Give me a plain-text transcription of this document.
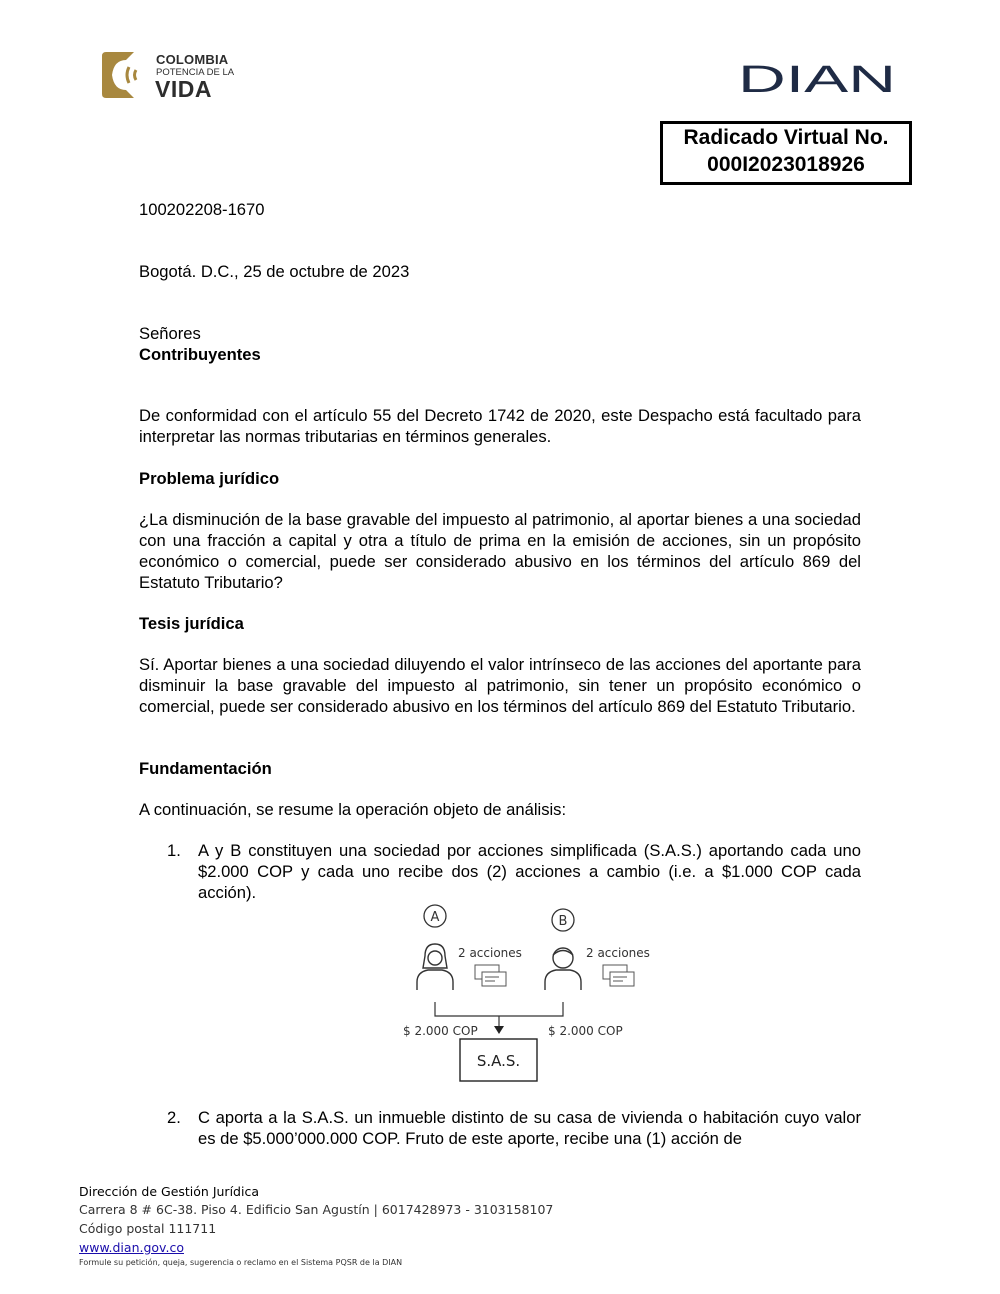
COLOMBIA
POTENCIA DE LA
VIDA	DIAN
Radicado Virtual No.
000I2023018926
100202208-1670
Bogotá. D.C., 25 de octubre de 2023
Señores
Contribuyentes
De conformidad con el artículo 55 del Decreto 1742 de 2020, este Despacho está facultado para interpretar las normas tributarias en términos generales.
Problema jurídico
¿La disminución de la base gravable del impuesto al patrimonio, al aportar bienes a una sociedad con una fracción a capital y otra a título de prima en la emisión de acciones, sin un propósito económico o comercial, puede ser considerado abusivo en los términos del artículo 869 del Estatuto Tributario?
Tesis jurídica
Sí. Aportar bienes a una sociedad diluyendo el valor intrínseco de las acciones del aportante para disminuir la base gravable del impuesto al patrimonio, sin tener un propósito económico o comercial, puede ser considerado abusivo en los términos del artículo 869 del Estatuto Tributario.
Fundamentación
A continuación, se resume la operación objeto de análisis:
1. A y B constituyen una sociedad por acciones simplificada (S.A.S.) aportando cada uno $2.000 COP y cada uno recibe dos (2) acciones a cambio (i.e. a $1.000 COP cada acción).
2. C aporta a la S.A.S. un inmueble distinto de su casa de vivienda o habitación cuyo valor es de $5.000’000.000 COP. Fruto de este aporte, recibe una (1) acción de
A	B
2 acciones	2 acciones
$ 2.000 COP	$ 2.000 COP
S.A.S.
Dirección de Gestión Jurídica
Carrera 8 # 6C-38. Piso 4. Edificio San Agustín | 6017428973 - 3103158107
Código postal 111711
www.dian.gov.co
Formule su petición, queja, sugerencia o reclamo en el Sistema PQSR de la DIAN
